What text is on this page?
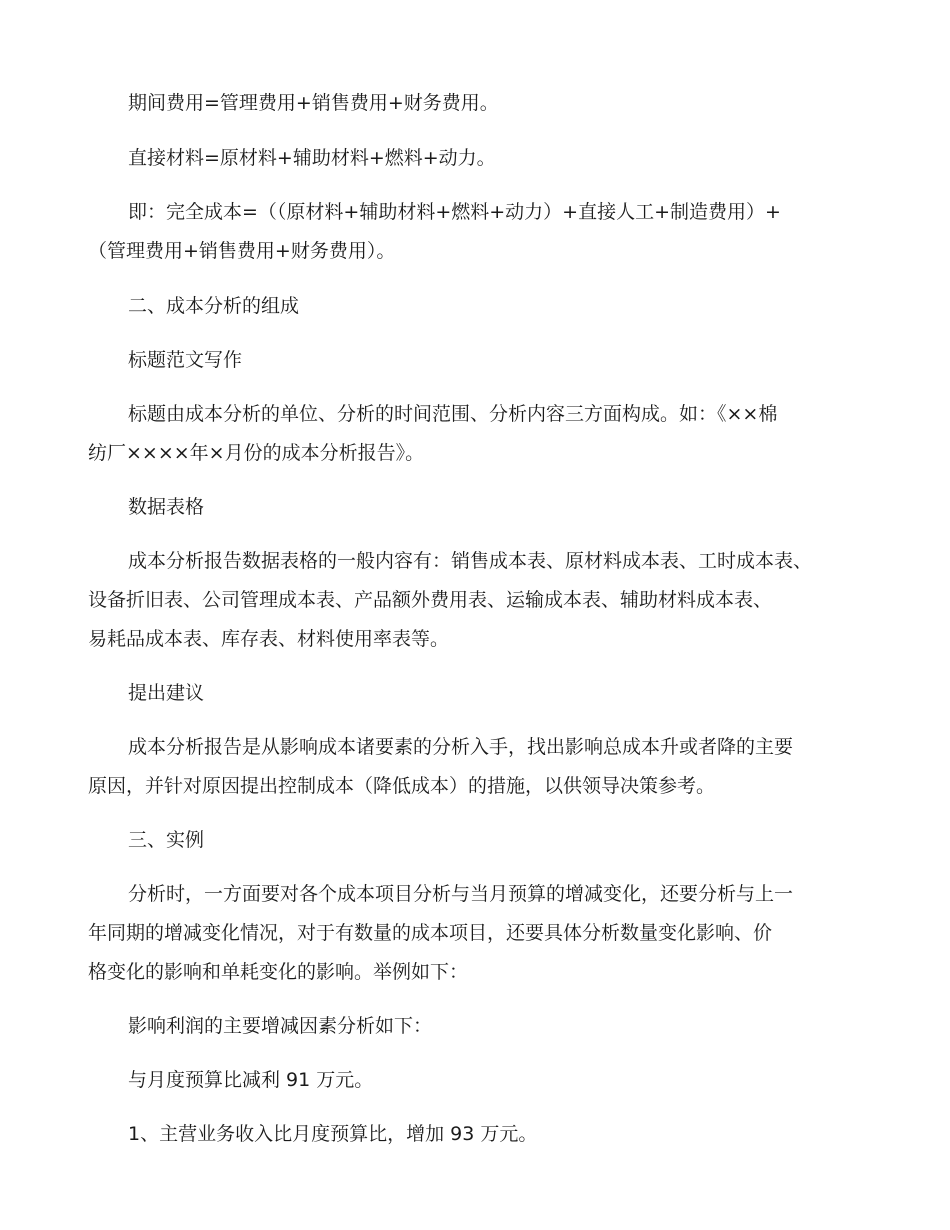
期间费用=管理费用+销售费用+财务费用。

直接材料=原材料+辅助材料+燃料+动力。

即：完全成本=（（原材料+辅助材料+燃料+动力）+直接人工+制造费用）+

（管理费用+销售费用+财务费用）。

二、成本分析的组成

标题范文写作

标题由成本分析的单位、分析的时间范围、分析内容三方面构成。如：《××棉

纺厂××××年×月份的成本分析报告》。

数据表格

成本分析报告数据表格的一般内容有：销售成本表、原材料成本表、工时成本表、

设备折旧表、公司管理成本表、产品额外费用表、运输成本表、辅助材料成本表、

易耗品成本表、库存表、材料使用率表等。

提出建议

成本分析报告是从影响成本诸要素的分析入手，找出影响总成本升或者降的主要

原因，并针对原因提出控制成本（降低成本）的措施，以供领导决策参考。

三、实例

分析时，一方面要对各个成本项目分析与当月预算的增减变化，还要分析与上一

年同期的增减变化情况，对于有数量的成本项目，还要具体分析数量变化影响、价

格变化的影响和单耗变化的影响。举例如下：

影响利润的主要增减因素分析如下：

与月度预算比减利 91 万元。

1、主营业务收入比月度预算比，增加 93 万元。
